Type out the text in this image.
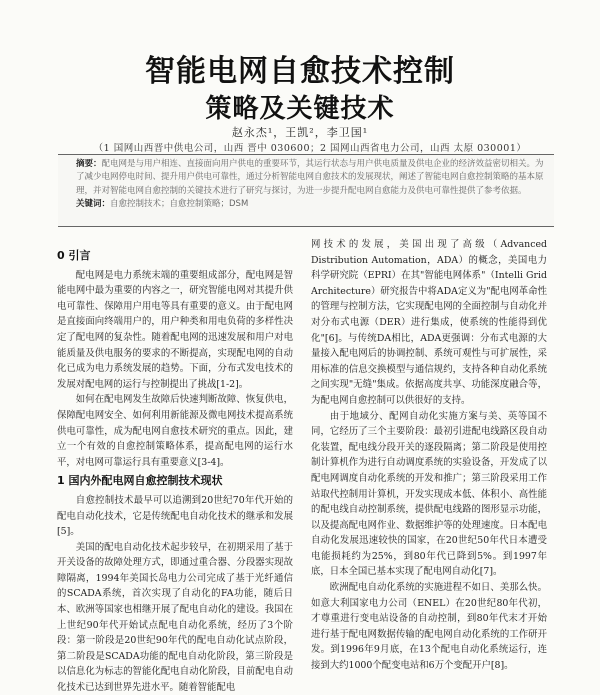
智能电网自愈技术控制
策略及关键技术
赵永杰¹，王凯²，李卫国¹
（1 国网山西晋中供电公司，山西 晋中 030600；2 国网山西省电力公司，山西 太原 030001）

摘要：配电网是与用户相连、直接面向用户供电的重要环节，其运行状态与用户供电质量及供电企业的经济效益密切相关。为了减少电网停电时间、提升用户供电可靠性，通过分析智能电网自愈技术的发展现状，阐述了智能电网自愈控制策略的基本原理，并对智能电网自愈控制的关键技术进行了研究与探讨，为进一步提升配电网自愈能力及供电可靠性提供了参考依据。

关键词：自愈控制技术；自愈控制策略；DSM

0 引言

配电网是电力系统末端的重要组成部分，配电网是智能电网中最为重要的内容之一，研究智能电网对其提升供电可靠性、保障用户用电等具有重要的意义。由于配电网是直接面向终端用户的，用户种类和用电负荷的多样性决定了配电网的复杂性。随着配电网的迅速发展和用户对电能质量及供电服务的要求的不断提高，实现配电网的自动化已成为电力系统发展的趋势。下面，分布式发电技术的发展对配电网的运行与控制提出了挑战[1-2]。

如何在配电网发生故障后快速判断故障、恢复供电，保障配电网安全、如何利用新能源及微电网技术提高系统供电可靠性，成为配电网自愈技术研究的重点。因此，建立一个有效的自愈控制策略体系，提高配电网的运行水平，对电网可靠运行具有重要意义[3-4]。

1 国内外配电网自愈控制技术现状

自愈控制技术最早可以追溯到20世纪70年代开始的配电自动化技术，它是传统配电自动化技术的继承和发展[5]。

美国的配电自动化技术起步较早，在初期采用了基于开关设备的故障处理方式，即通过重合器、分段器实现故障隔离，1994年美国长岛电力公司完成了基于光纤通信的SCADA系统，首次实现了自动化的FA功能，随后日本、欧洲等国家也相继开展了配电自动化的建设。我国在上世纪90年代开始试点配电自动化系统，经历了3个阶段：第一阶段是20世纪90年代的配电自动化试点阶段，第二阶段是SCADA功能的配电自动化阶段，第三阶段是以信息化为标志的智能化配电自动化阶段，目前配电自动化技术已达到世界先进水平。随着智能配电

网技术的发展，美国出现了高级（Advanced Distribution Automation，ADA）的概念，美国电力科学研究院（EPRI）在其"智能电网体系"（Intelli Grid Architecture）研究报告中将ADA定义为"配电网革命性的管理与控制方法，它实现配电网的全面控制与自动化并对分布式电源（DER）进行集成，使系统的性能得到优化"[6]。与传统DA相比，ADA更强调：分布式电源的大量接入配电网后的协调控制、系统可观性与可扩展性，采用标准的信息交换模型与通信规约，支持各种自动化系统之间实现"无缝"集成。依据高度共享、功能深度融合等，为配电网自愈控制可以供很好的支持。

由于地域分、配网自动化实施方案与美、英等国不同，它经历了三个主要阶段：最初引进配电线路区段自动化装置，配电线分段开关的逐段隔离；第二阶段是使用控制计算机作为进行自动调度系统的实验设备，开发成了以配电网调度自动化系统的开发和推广；第三阶段采用工作站取代控制用计算机，开发实现成本低、体积小、高性能的配电线自动控制系统，提供配电线路的图形显示功能，以及提高配电网作业、数据维护等的处理速度。日本配电自动化发展迅速较快的国家，在20世纪50年代日本遭受电能损耗约为25%，到80年代已降到5%。到1997年底，日本全国已基本实现了配电网自动化[7]。

欧洲配电自动化系统的实施进程不如日、美那么快。如意大利国家电力公司（ENEL）在20世纪80年代初，才尊重进行变电站设备的自动控制，到80年代末才开始进行基于配电网数据传输的配电网自动化系统的工作研开发。到1996年9月底，在13个配电自动化系统运行，连接到大约1000个配变电站和6万个变配开户[8]。
